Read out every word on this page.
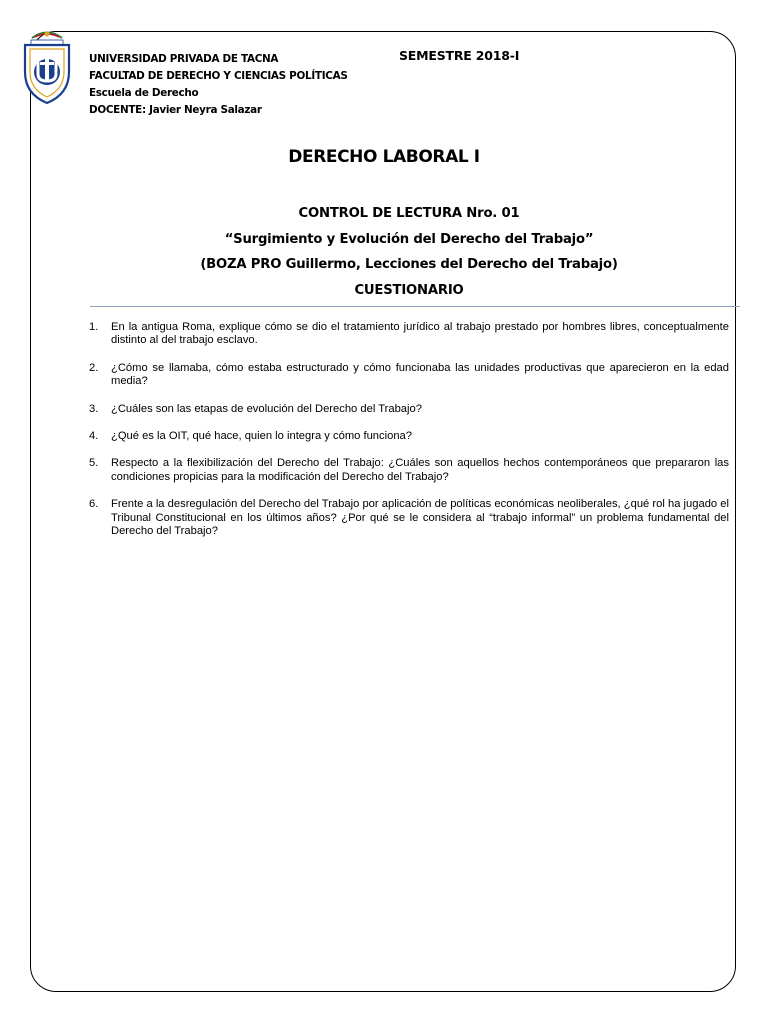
UNIVERSIDAD PRIVADA DE TACNA
FACULTAD DE DERECHO Y CIENCIAS POLÍTICAS
Escuela de Derecho
DOCENTE: Javier Neyra Salazar
SEMESTRE 2018-I
DERECHO LABORAL I
CONTROL DE LECTURA Nro. 01
“Surgimiento y Evolución del Derecho del Trabajo”
(BOZA PRO Guillermo, Lecciones del Derecho del Trabajo)
CUESTIONARIO
1.	En la antigua Roma, explique cómo se dio el tratamiento jurídico al trabajo prestado por hombres libres, conceptualmente distinto al del trabajo esclavo.
2.	¿Cómo se llamaba, cómo estaba estructurado y cómo funcionaba las unidades productivas que aparecieron en la edad media?
3.	¿Cuáles son las etapas de evolución del Derecho del Trabajo?
4.	¿Qué es la OIT, qué hace, quien lo integra y cómo funciona?
5.	Respecto a la flexibilización del Derecho del Trabajo: ¿Cuáles son aquellos hechos contemporáneos que prepararon las condiciones propicias para la modificación del Derecho del Trabajo?
6.	Frente a la desregulación del Derecho del Trabajo por aplicación de políticas económicas neoliberales, ¿qué rol ha jugado el Tribunal Constitucional en los últimos años? ¿Por qué se le considera al “trabajo informal” un problema fundamental del Derecho del Trabajo?
